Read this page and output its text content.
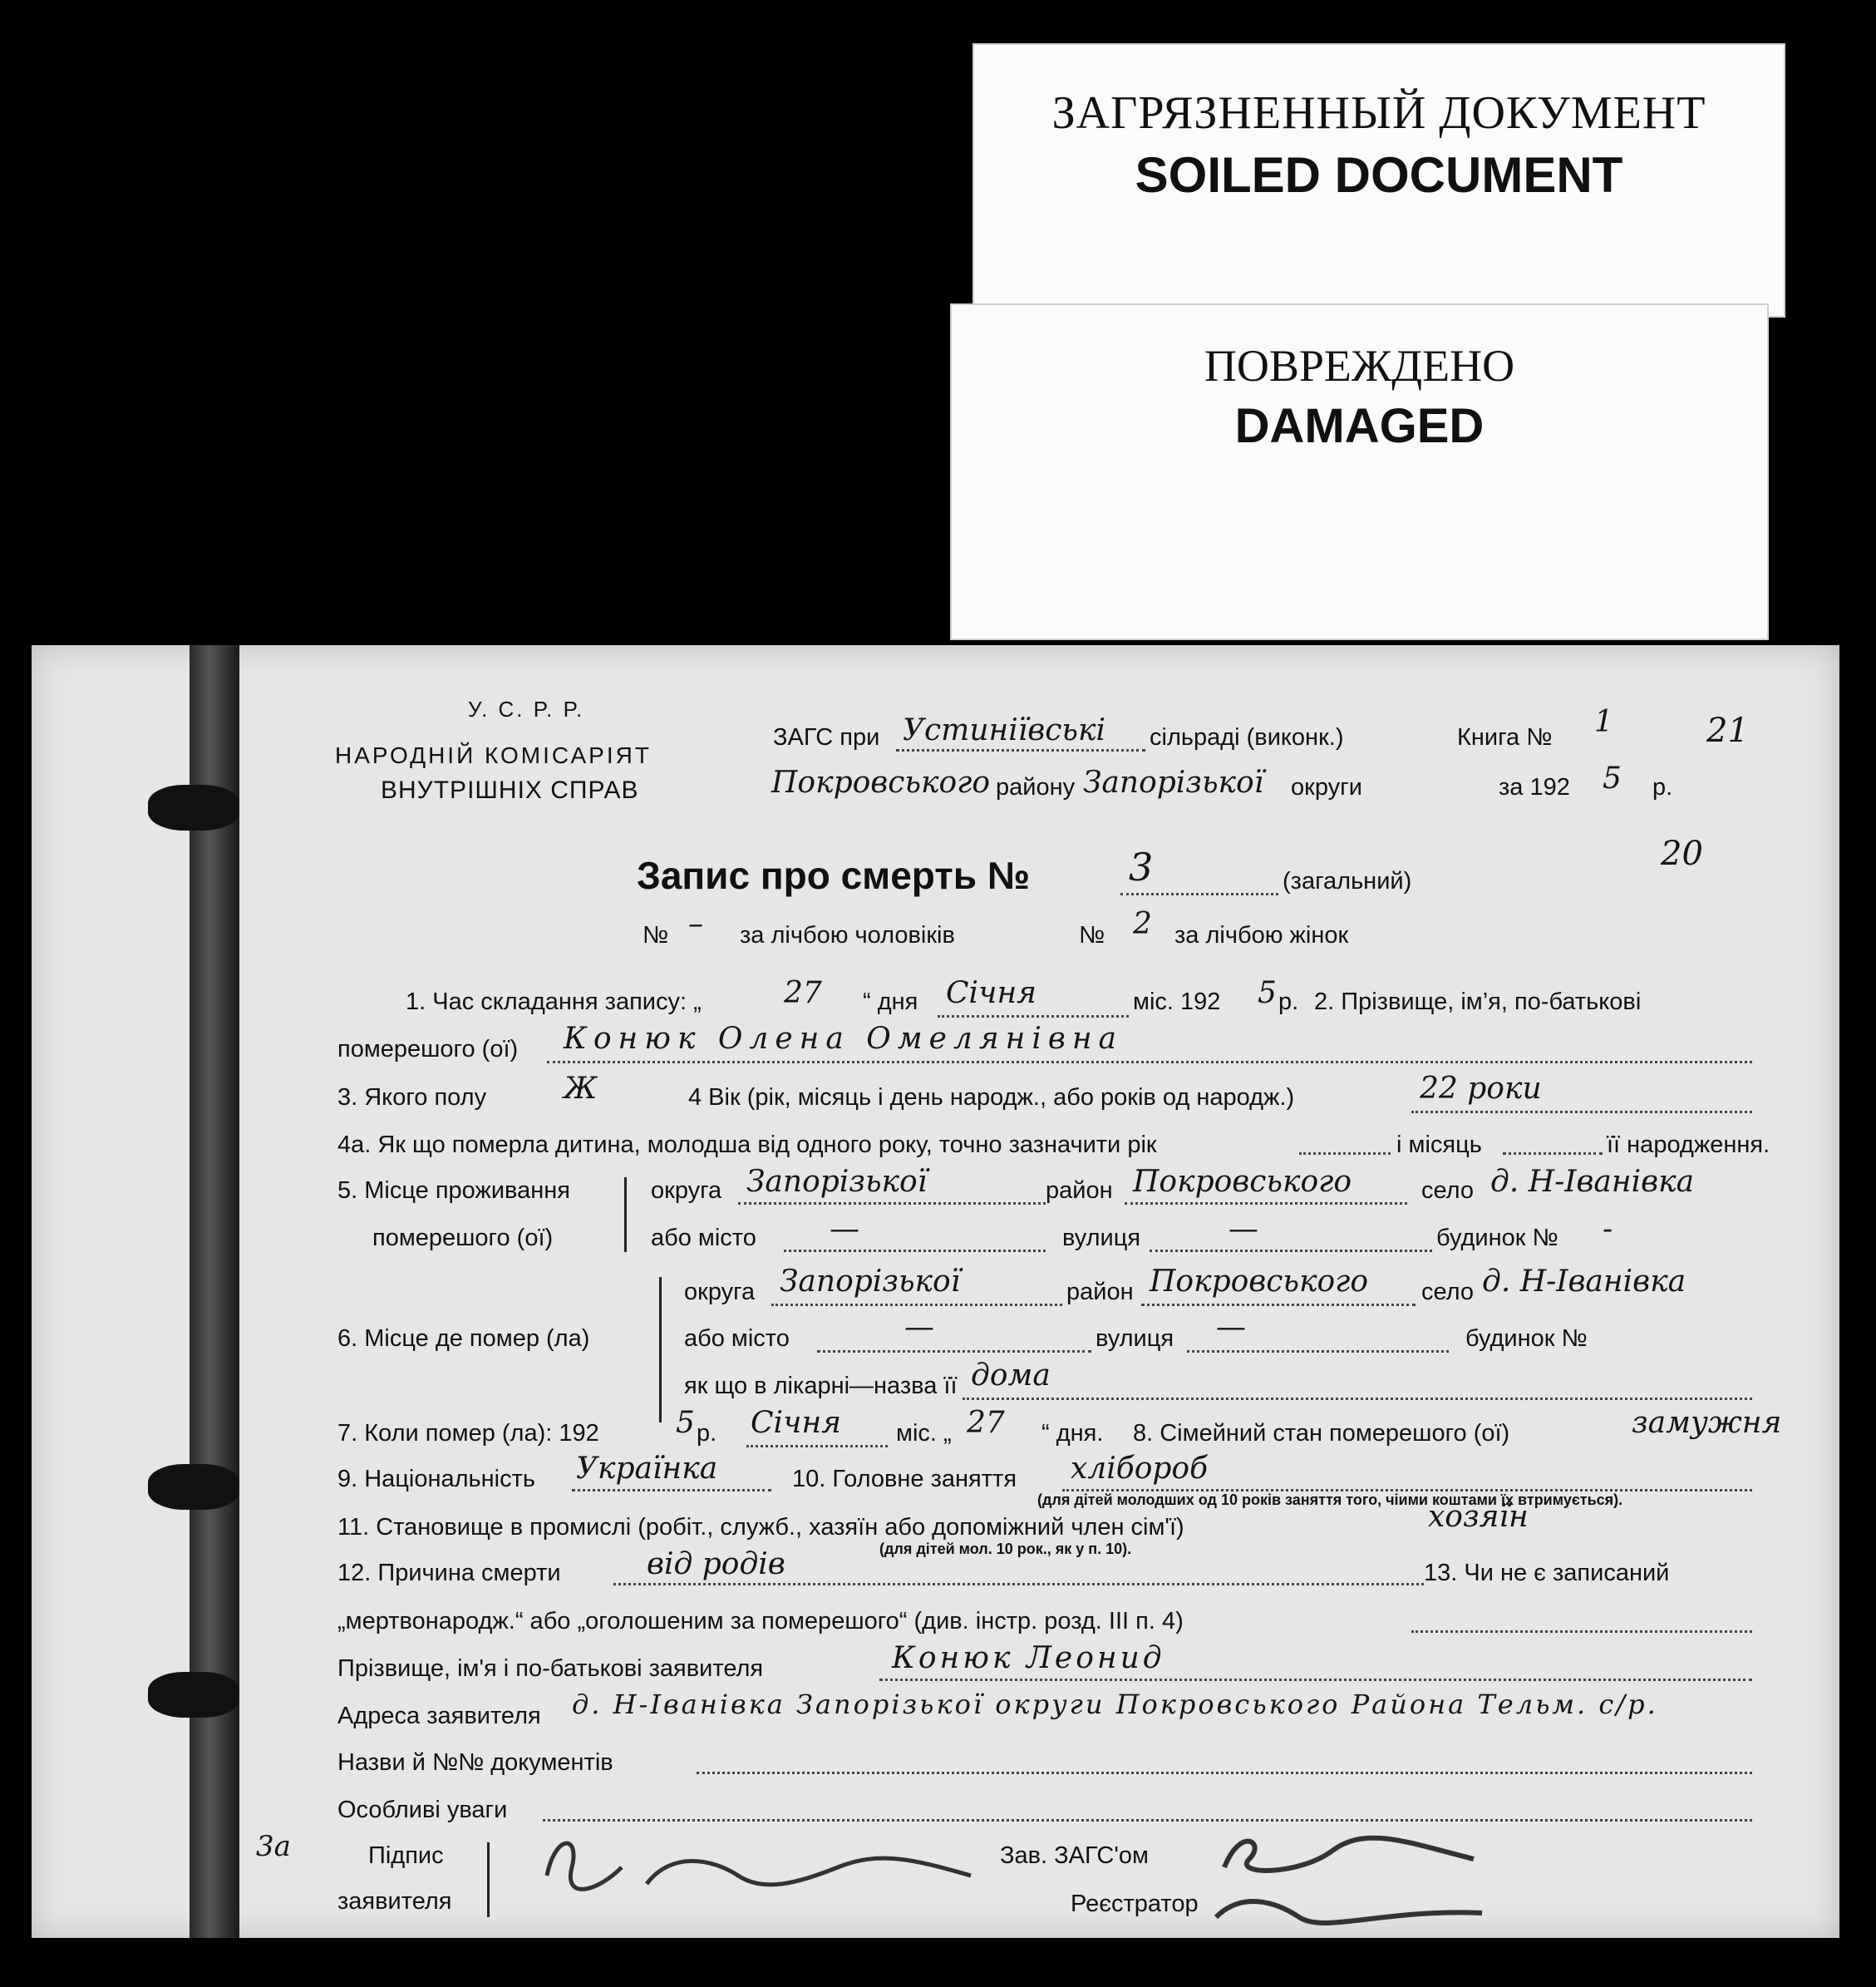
ЗАГРЯЗНЕННЫЙ ДОКУМЕНТ
SOILED DOCUMENT
ПОВРЕЖДЕНО
DAMAGED
У. С. Р. Р.
НАРОДНІЙ КОМІСАРІЯТ
ВНУТРІШНІХ СПРАВ
ЗАГС при Устиніївські сільраді (виконк.)	Книга № 1	21
Покровського району Запорізької округи	за 192 5 р.
20
Запис про смерть №	3	(загальний)
№ – за лічбою чоловіків	№ 2 за лічбою жінок
1. Час складання запису: „	27 “ дня Січня	міс. 192 5 р. 2. Прізвище, ім’я, по-батькові
померешого (ої) Конюк Олена Омелянівна
3. Якого полу	Ж	4 Вік (рік, місяць і день народж., або років од народж.)	22 роки
4а. Як що померла дитина, молодша від одного року, точно зазначити рік	і місяць	її народження.
5. Місце проживання
померешого (ої)
округа Запорізької	район Покровського	село д. Н-Іванівка
або місто —	вулиця	—	будинок № -
6. Місце де помер (ла)
округа Запорізької	район Покровського село д. Н-Іванівка
або місто	—	вулиця —	будинок №
як що в лікарні—назва її дома
7. Коли помер (ла): 192	5 р. Січня міс. „ 27 “ дня. 8. Сімейний стан померешого (ої)	замужня
9. Національність Українка	10. Головне заняття хлібороб
(для дітей молодших од 10 років заняття того, чіими коштами їх втримується).
11. Становище в промислі (робіт., служб., хазяїн або допоміжний член сім'ї)	хозяїн
(для дітей мол. 10 рок., як у п. 10).
12. Причина смерти	від родів	13. Чи не є записаний
„мертвонародж.“ або „оголошеним за померешого“ (див. інстр. розд. III п. 4)
Прізвище, ім'я і по-батькові заявителя	Конюк Леонид
Адреса заявителя д. Н-Іванівка Запорізької округи Покровського Района Тельм. с/р.
Назви й №№ документів
Особливі уваги
3а	Підпис
заявителя
Зав. ЗАГС'ом
Реєстратор
